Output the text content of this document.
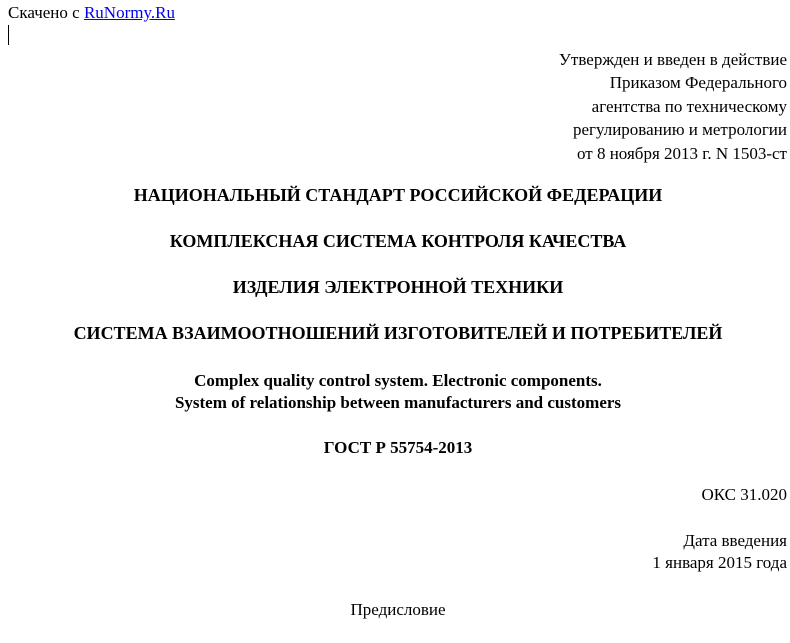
Скачено с RuNormy.Ru
Утвержден и введен в действие
Приказом Федерального
агентства по техническому
регулированию и метрологии
от 8 ноября 2013 г. N 1503-ст
НАЦИОНАЛЬНЫЙ СТАНДАРТ РОССИЙСКОЙ ФЕДЕРАЦИИ
КОМПЛЕКСНАЯ СИСТЕМА КОНТРОЛЯ КАЧЕСТВА
ИЗДЕЛИЯ ЭЛЕКТРОННОЙ ТЕХНИКИ
СИСТЕМА ВЗАИМООТНОШЕНИЙ ИЗГОТОВИТЕЛЕЙ И ПОТРЕБИТЕЛЕЙ
Complex quality control system. Electronic components.
System of relationship between manufacturers and customers
ГОСТ Р 55754-2013
ОКС 31.020
Дата введения
1 января 2015 года
Предисловие
